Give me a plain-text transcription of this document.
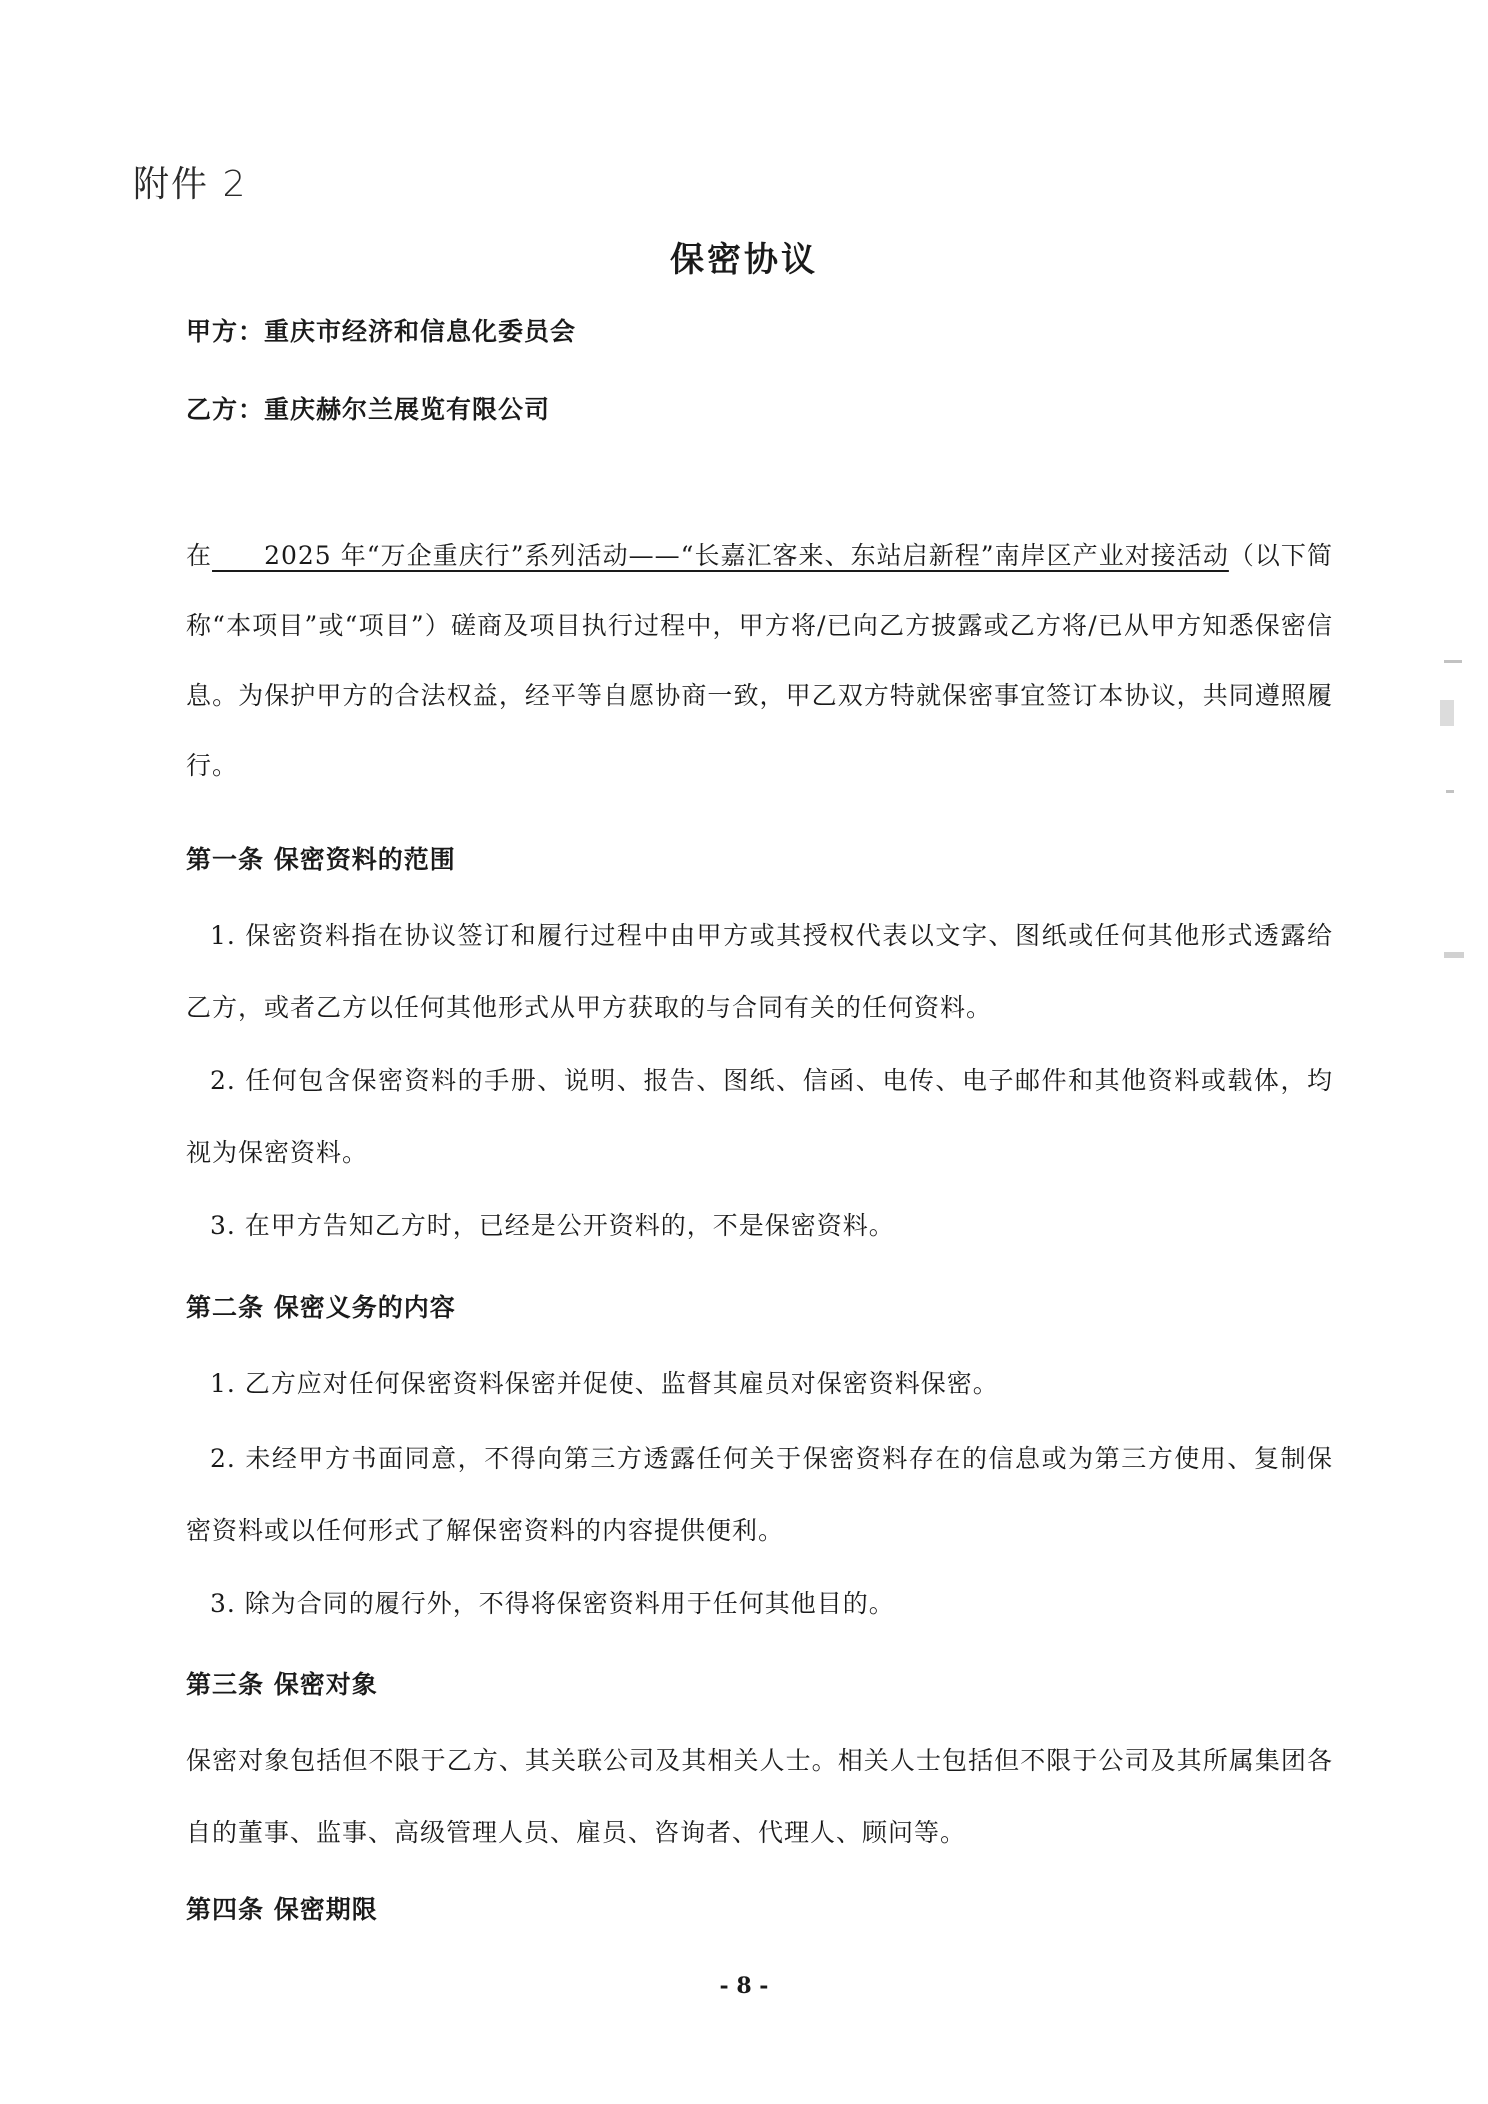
附件 2
保密协议
甲方：重庆市经济和信息化委员会
乙方：重庆赫尔兰展览有限公司
在　　2025 年“万企重庆行”系列活动——“长嘉汇客来、东站启新程”南岸区产业对接活动（以下简称“本项目”或“项目”）磋商及项目执行过程中，甲方将/已向乙方披露或乙方将/已从甲方知悉保密信息。为保护甲方的合法权益，经平等自愿协商一致，甲乙双方特就保密事宜签订本协议，共同遵照履行。
第一条 保密资料的范围
1. 保密资料指在协议签订和履行过程中由甲方或其授权代表以文字、图纸或任何其他形式透露给乙方，或者乙方以任何其他形式从甲方获取的与合同有关的任何资料。
2. 任何包含保密资料的手册、说明、报告、图纸、信函、电传、电子邮件和其他资料或载体，均视为保密资料。
3. 在甲方告知乙方时，已经是公开资料的，不是保密资料。
第二条 保密义务的内容
1. 乙方应对任何保密资料保密并促使、监督其雇员对保密资料保密。
2. 未经甲方书面同意，不得向第三方透露任何关于保密资料存在的信息或为第三方使用、复制保密资料或以任何形式了解保密资料的内容提供便利。
3. 除为合同的履行外，不得将保密资料用于任何其他目的。
第三条 保密对象
保密对象包括但不限于乙方、其关联公司及其相关人士。相关人士包括但不限于公司及其所属集团各自的董事、监事、高级管理人员、雇员、咨询者、代理人、顾问等。
第四条 保密期限
- 8 -
